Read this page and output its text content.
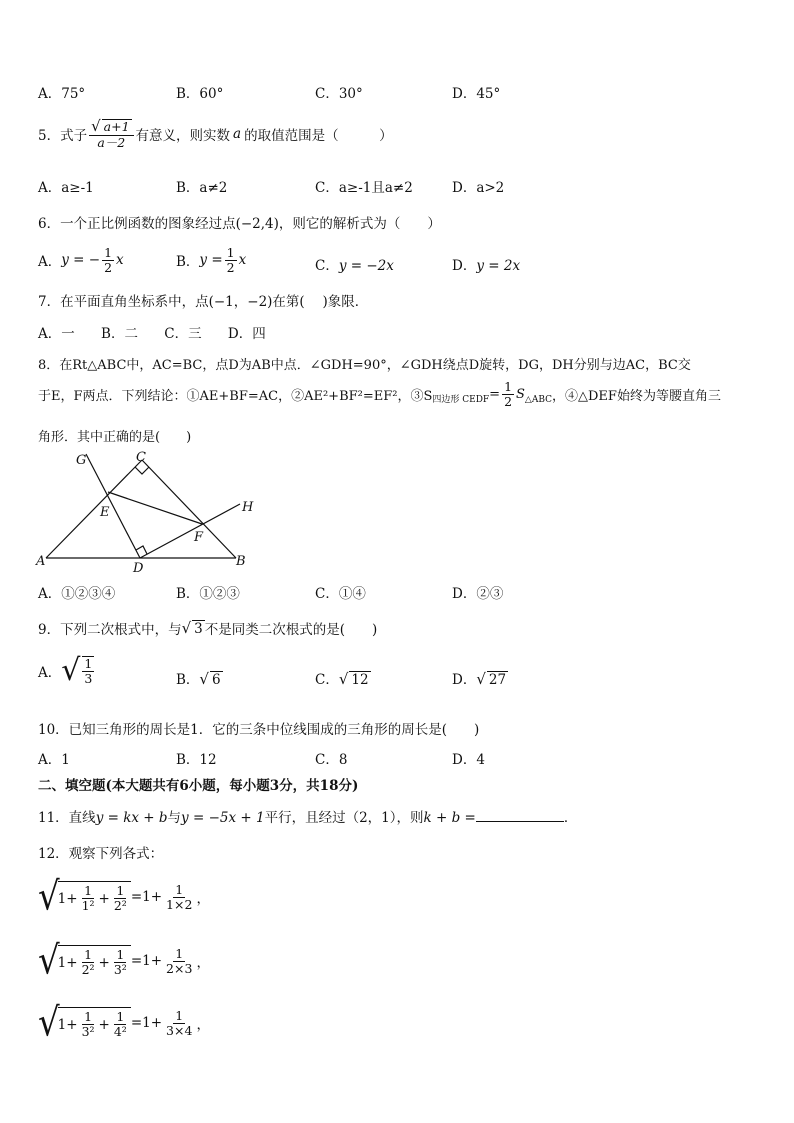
A．75°	B．60°	C．30°	D．45°
5．式子 $\frac{√ a+1}{a-2}$ 有意义，则实数 a 的取值范围是（　　　）
A．a≥-1	B．a≠2	C．a≥-1且a≠2	D．a>2
6．一个正比例函数的图象经过点(−2,4)，则它的解析式为（　　）
A． y = − $\frac{1}{2}$ x	B． $y = \frac{1}{2}$ x	C．y = −2x	D．y = 2x
7．在平面直角坐标系中，点(−1，−2)在第(　 )象限．
A．一 B．二 C．三 D．四
8．在Rt△ABC中，AC=BC，点D为AB中点．∠GDH=90°，∠GDH绕点D旋转，DG，DH分别与边AC，BC交
于E，F两点．下列结论：①AE+BF=AC，②AE²+BF²=EF²，③S 四边形 CEDF = $\frac{1}{2}$ S △ABC ，④△DEF始终为等腰直角三
角形．其中正确的是(　　)
G	C
H
E
F
A	D	B
A．①②③④	B．①②③	C．①④	D．②③
9．下列二次根式中，与 √ 3 不是同类二次根式的是(　　)
A． √ $\frac{1}{3}$	B．√ 6	C．√ 12	D．√ 27
10．已知三角形的周长是1．它的三条中位线围成的三角形的周长是(　　)
A．1	B．12	C．8	D．4
二、填空题(本大题共有6小题，每小题3分，共18分)
11．直线 y = kx + b 与 y = −5x + 1 平行，且经过（2，1），则 k + b =	．
12．观察下列各式：
√
$1 + \frac{1}{\text{1²}} + \frac{1}{\text{2²}} =1+ \frac{1}{1\times 2}$ ，
√
$1 + \frac{1}{\text{2²}} + \frac{1}{\text{3²}} =1+ \frac{1}{2\times 3}$ ，
√
$1 + \frac{1}{\text{3²}} + \frac{1}{\text{4²}} =1+ \frac{1}{3\times 4}$ ，
